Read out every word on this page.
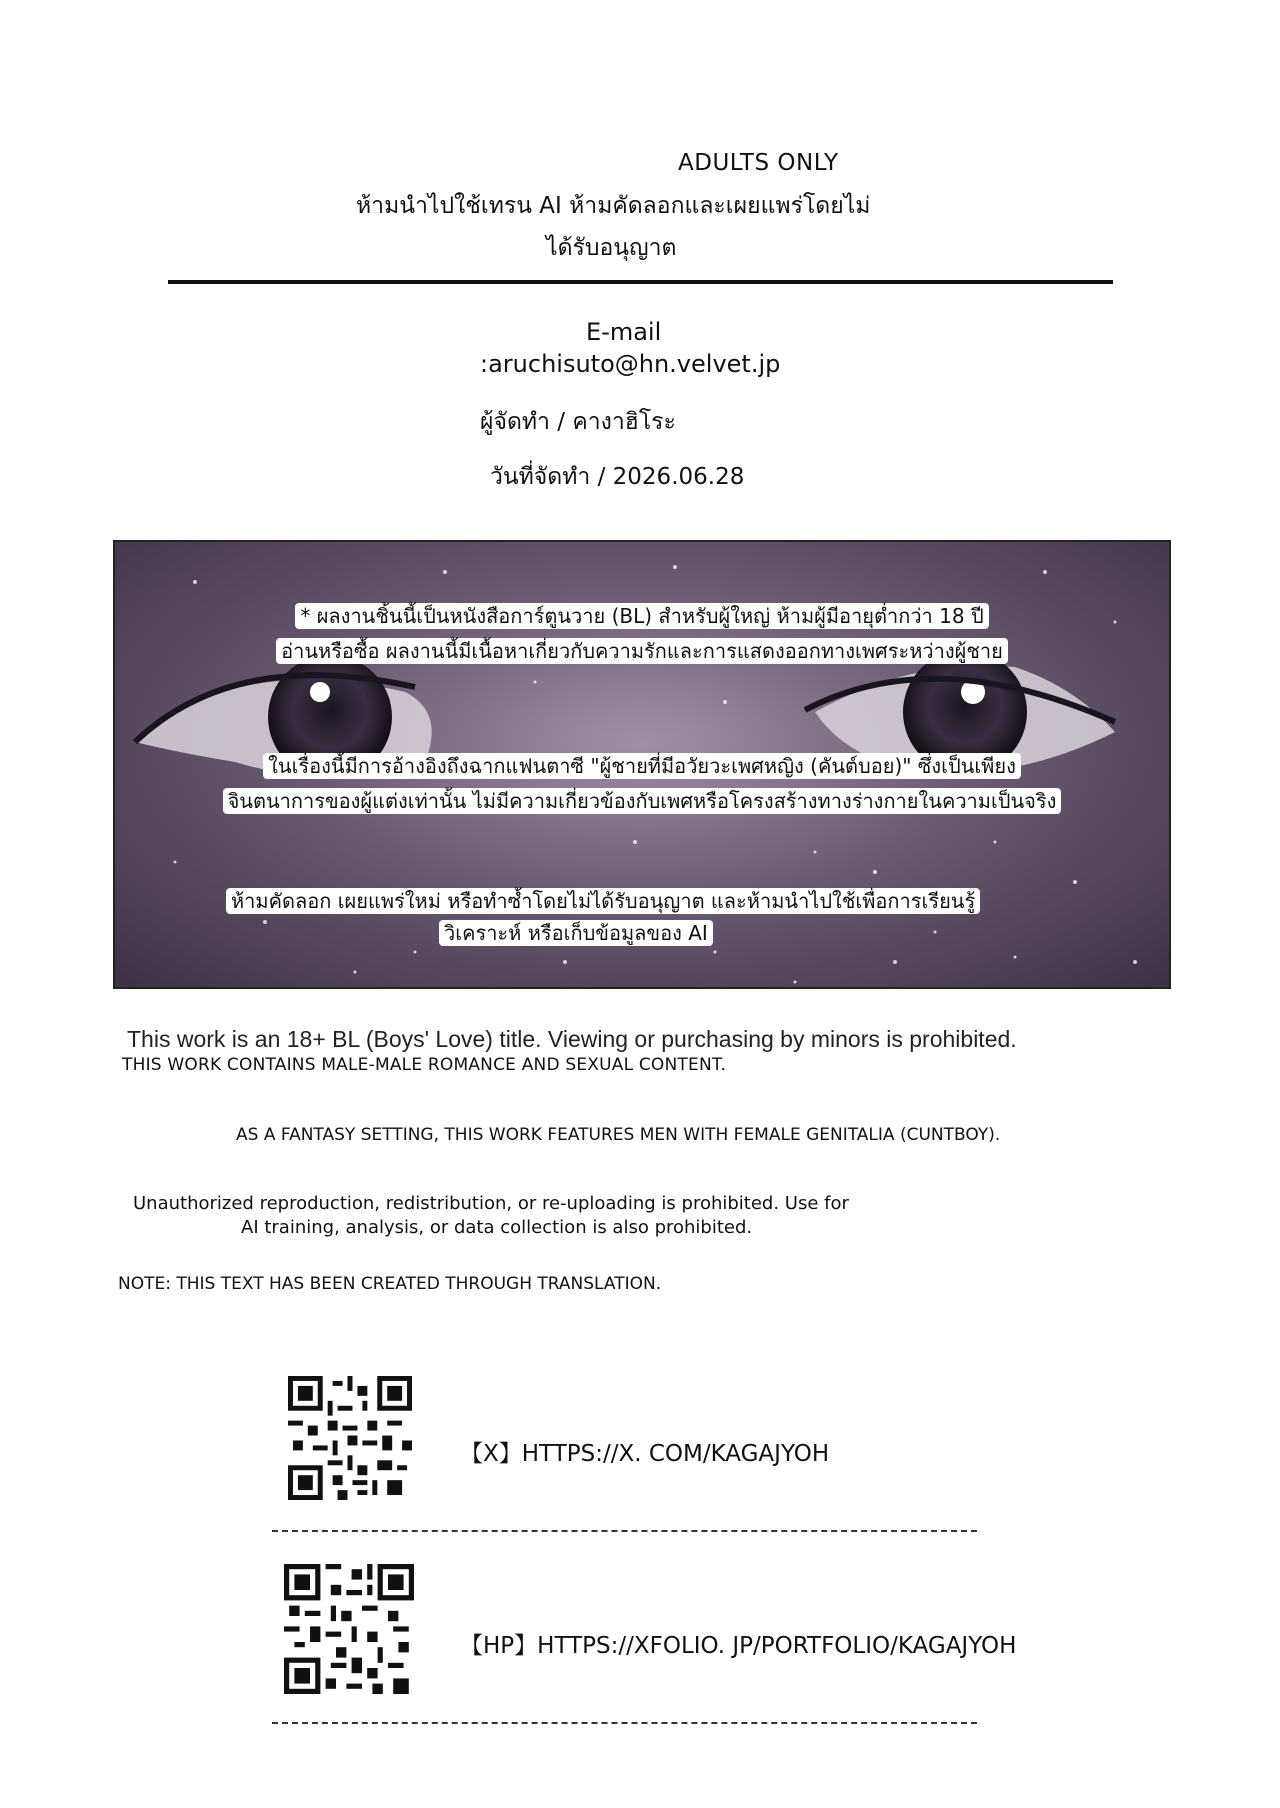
ADULTS ONLY
ห้ามนำไปใช้เทรน AI ห้ามคัดลอกและเผยแพร่โดยไม่
ได้รับอนุญาต
E-mail
:aruchisuto@hn.velvet.jp
ผู้จัดทำ / คางาฮิโระ
วันที่จัดทำ / 2026.06.28
* ผลงานชิ้นนี้เป็นหนังสือการ์ตูนวาย (BL) สำหรับผู้ใหญ่ ห้ามผู้มีอายุต่ำกว่า 18 ปี
อ่านหรือซื้อ ผลงานนี้มีเนื้อหาเกี่ยวกับความรักและการแสดงออกทางเพศระหว่างผู้ชาย
ในเรื่องนี้มีการอ้างอิงถึงฉากแฟนตาซี "ผู้ชายที่มีอวัยวะเพศหญิง (คันต์บอย)" ซึ่งเป็นเพียง
จินตนาการของผู้แต่งเท่านั้น ไม่มีความเกี่ยวข้องกับเพศหรือโครงสร้างทางร่างกายในความเป็นจริง
ห้ามคัดลอก เผยแพร่ใหม่ หรือทำซ้ำโดยไม่ได้รับอนุญาต และห้ามนำไปใช้เพื่อการเรียนรู้
วิเคราะห์ หรือเก็บข้อมูลของ AI
This work is an 18+ BL (Boys' Love) title. Viewing or purchasing by minors is prohibited.
THIS WORK CONTAINS MALE-MALE ROMANCE AND SEXUAL CONTENT.
AS A FANTASY SETTING, THIS WORK FEATURES MEN WITH FEMALE GENITALIA (CUNTBOY).
Unauthorized reproduction, redistribution, or re-uploading is prohibited. Use for
AI training, analysis, or data collection is also prohibited.
NOTE: THIS TEXT HAS BEEN CREATED THROUGH TRANSLATION.
【X】HTTPS://X. COM/KAGAJYOH
【HP】HTTPS://XFOLIO. JP/PORTFOLIO/KAGAJYOH
